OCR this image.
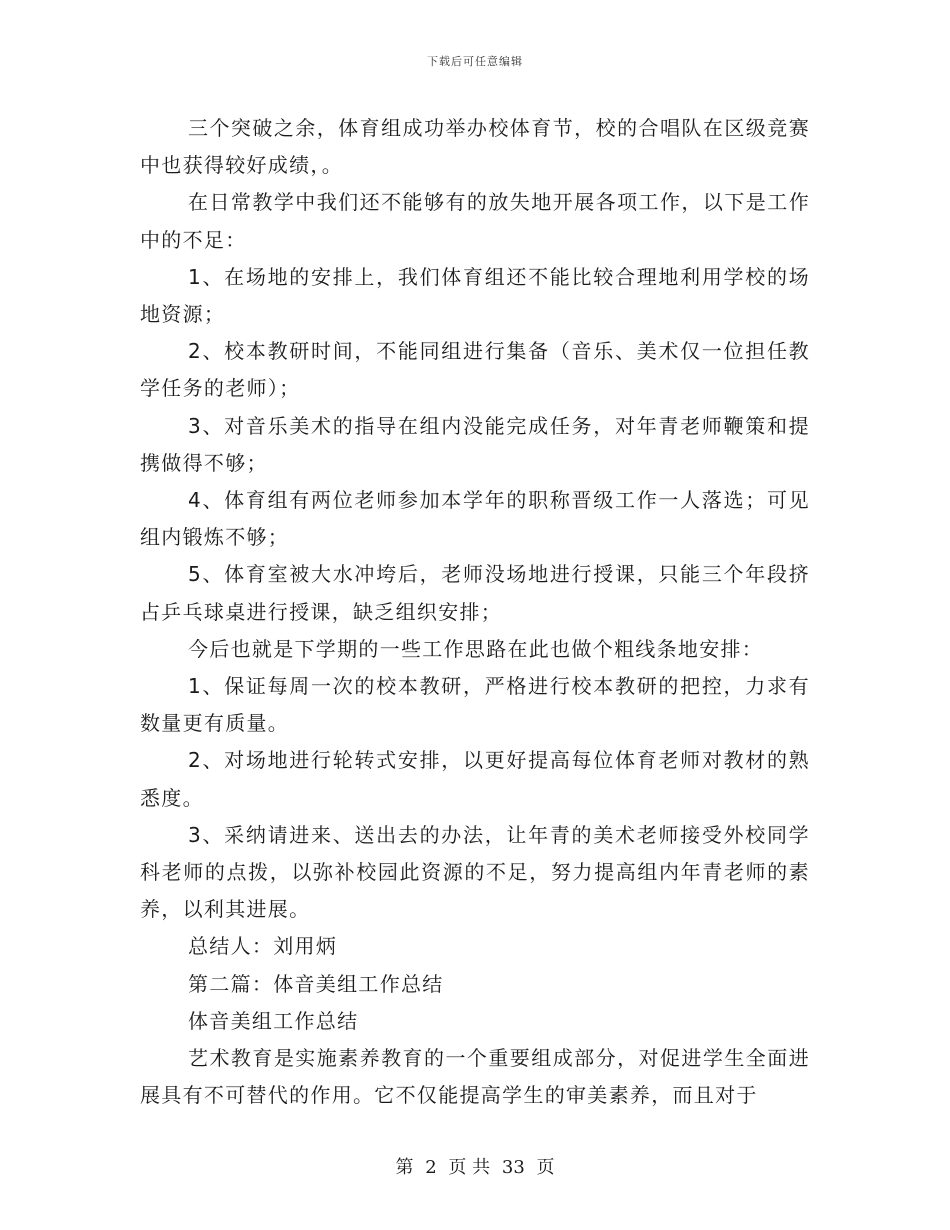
下载后可任意编辑

三个突破之余，体育组成功举办校体育节，校的合唱队在区级竞赛中也获得较好成绩，。

在日常教学中我们还不能够有的放失地开展各项工作，以下是工作中的不足：

1、在场地的安排上，我们体育组还不能比较合理地利用学校的场地资源；

2、校本教研时间，不能同组进行集备（音乐、美术仅一位担任教学任务的老师）；

3、对音乐美术的指导在组内没能完成任务，对年青老师鞭策和提携做得不够；

4、体育组有两位老师参加本学年的职称晋级工作一人落选；可见组内锻炼不够；

5、体育室被大水冲垮后，老师没场地进行授课，只能三个年段挤占乒乓球桌进行授课，缺乏组织安排；

今后也就是下学期的一些工作思路在此也做个粗线条地安排：

1、保证每周一次的校本教研，严格进行校本教研的把控，力求有数量更有质量。

2、对场地进行轮转式安排，以更好提高每位体育老师对教材的熟悉度。

3、采纳请进来、送出去的办法，让年青的美术老师接受外校同学科老师的点拨，以弥补校园此资源的不足，努力提高组内年青老师的素养，以利其进展。

总结人：刘用炳

第二篇：体音美组工作总结

体音美组工作总结

艺术教育是实施素养教育的一个重要组成部分，对促进学生全面进展具有不可替代的作用。它不仅能提高学生的审美素养，而且对于

第 2 页 共 33 页
